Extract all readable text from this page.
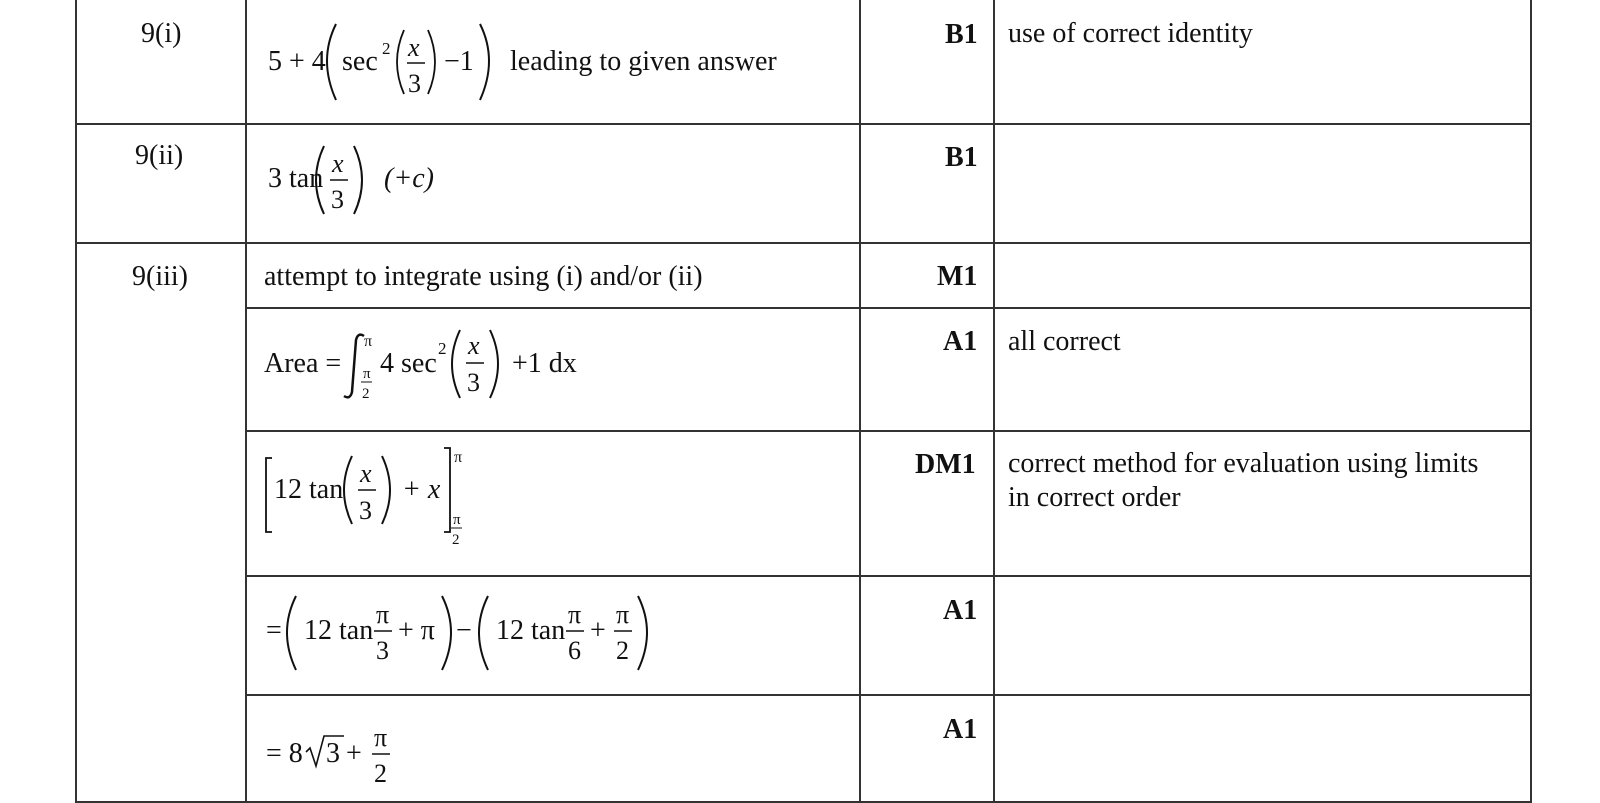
9(i)
9(ii)
9(iii)
B1
B1
M1
A1
DM1
A1
A1
use of correct identity
all correct
correct method for evaluation using limits
in correct order
5 + 4 sec 2 x
3
−1 leading to given answer
3 tan x
3
(+c)
attempt to integrate using (i) and/or (ii)
Area =
π
π
2
4 sec 2 x
3
+1 dx
12 tan
x
3
+ x
π
π
2
= 12 tan
π
3
+ π − 12 tan
π
6
+
π
2
= 8 3 +
π
2
